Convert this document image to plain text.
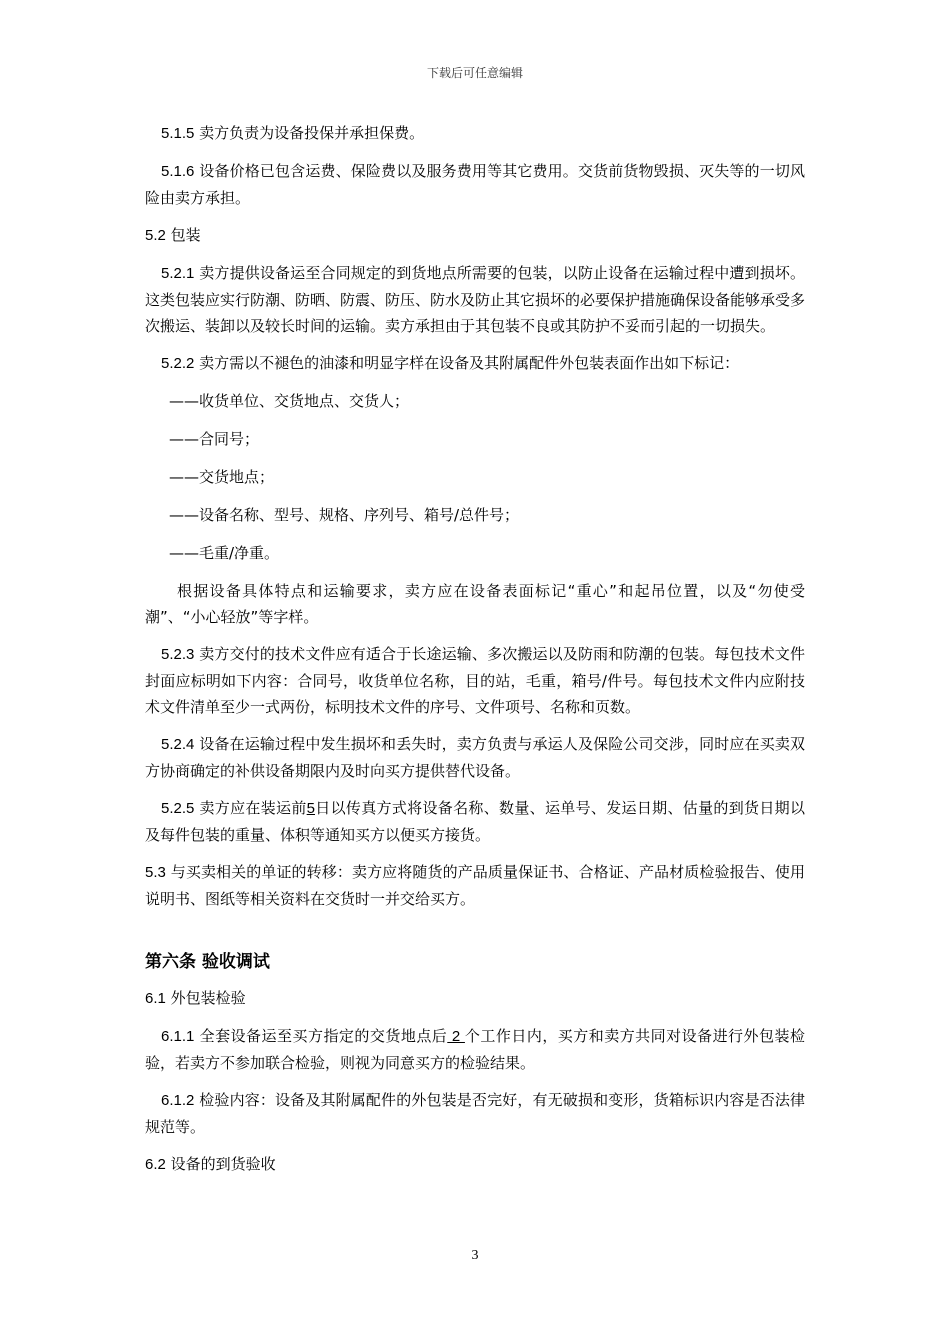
下载后可任意编辑

5.1.5 卖方负责为设备投保并承担保费。

5.1.6 设备价格已包含运费、保险费以及服务费用等其它费用。交货前货物毁损、灭失等的一切风险由卖方承担。

5.2 包装

5.2.1 卖方提供设备运至合同规定的到货地点所需要的包装，以防止设备在运输过程中遭到损坏。这类包装应实行防潮、防晒、防震、防压、防水及防止其它损坏的必要保护措施确保设备能够承受多次搬运、装卸以及较长时间的运输。卖方承担由于其包装不良或其防护不妥而引起的一切损失。

5.2.2 卖方需以不褪色的油漆和明显字样在设备及其附属配件外包装表面作出如下标记：

——收货单位、交货地点、交货人；

——合同号；

——交货地点；

——设备名称、型号、规格、序列号、箱号/总件号；

——毛重/净重。

根据设备具体特点和运输要求，卖方应在设备表面标记“重心”和起吊位置，以及“勿使受潮”、“小心轻放”等字样。

5.2.3 卖方交付的技术文件应有适合于长途运输、多次搬运以及防雨和防潮的包装。每包技术文件封面应标明如下内容：合同号，收货单位名称，目的站，毛重，箱号/件号。每包技术文件内应附技术文件清单至少一式两份，标明技术文件的序号、文件项号、名称和页数。

5.2.4 设备在运输过程中发生损坏和丢失时，卖方负责与承运人及保险公司交涉，同时应在买卖双方协商确定的补供设备期限内及时向买方提供替代设备。

5.2.5 卖方应在装运前5日以传真方式将设备名称、数量、运单号、发运日期、估量的到货日期以及每件包装的重量、体积等通知买方以便买方接货。

5.3 与买卖相关的单证的转移：卖方应将随货的产品质量保证书、合格证、产品材质检验报告、使用说明书、图纸等相关资料在交货时一并交给买方。

第六条 验收调试

6.1 外包装检验

6.1.1 全套设备运至买方指定的交货地点后 2 个工作日内，买方和卖方共同对设备进行外包装检验，若卖方不参加联合检验，则视为同意买方的检验结果。

6.1.2 检验内容：设备及其附属配件的外包装是否完好，有无破损和变形，货箱标识内容是否法律规范等。

6.2 设备的到货验收

3
